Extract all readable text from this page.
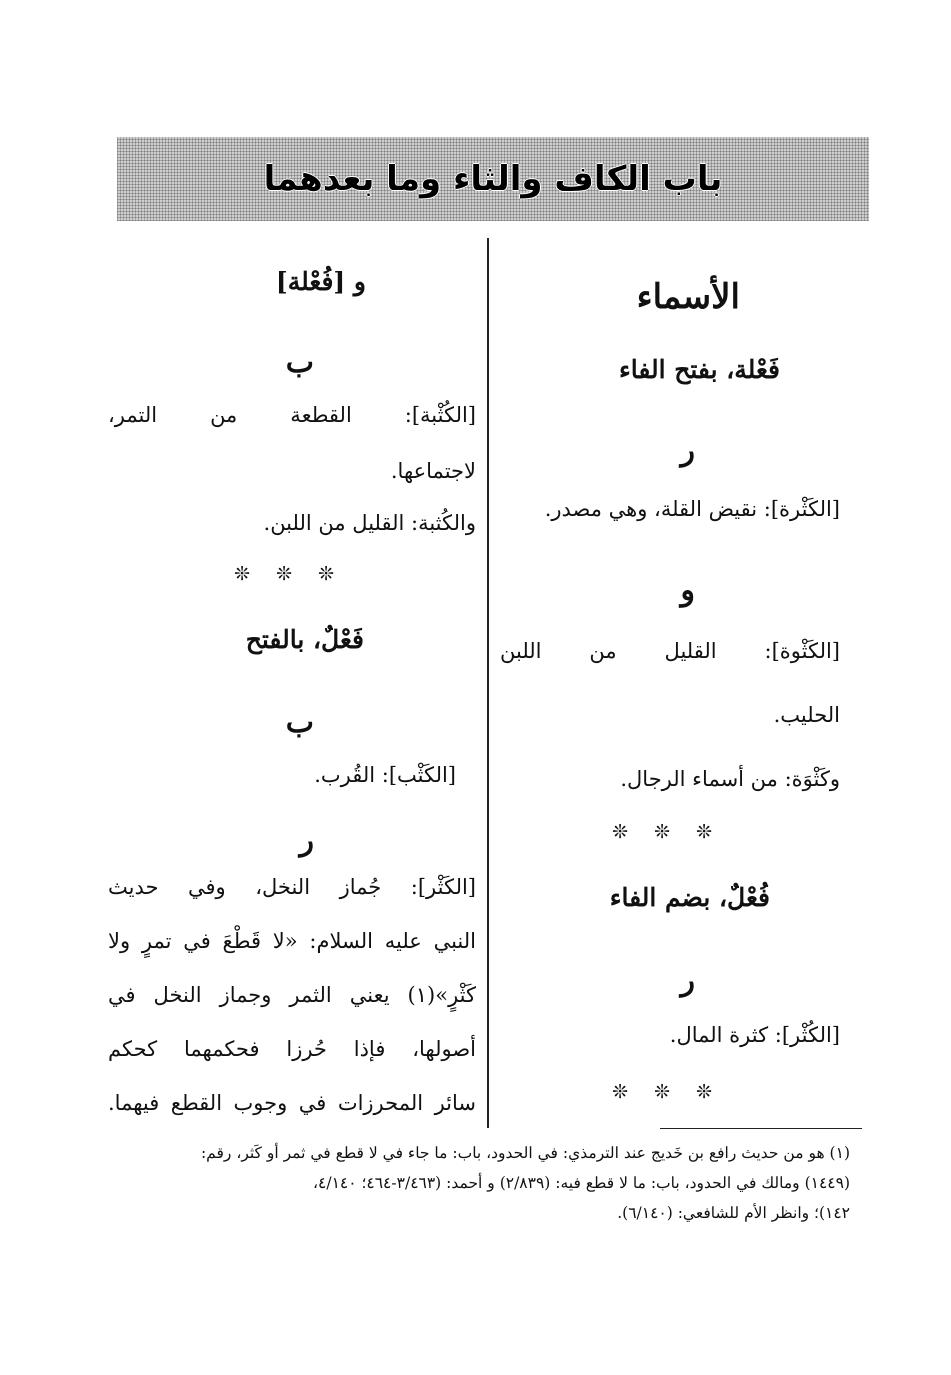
باب الكاف والثاء وما بعدهما
الأسماء
فَعْلة، بفتح الفاء
ر
[الكَثْرة]: نقيض القلة، وهي مصدر.
و
[الكَثْوة]: القليل من اللبن
الحليب.
وكَثْوَة: من أسماء الرجال.
❊ ❊ ❊
فُعْلٌ، بضم الفاء
ر
[الكُثْر]: كثرة المال.
❊ ❊ ❊
و [فُعْلة]
ب
[الكُثْبة]: القطعة من التمر،
لاجتماعها.
والكُثبة: القليل من اللبن.
❊ ❊ ❊
فَعْلٌ، بالفتح
ب
[الكَثْب]: القُرب.
ر
[الكَثْر]: جُماز النخل، وفي حديث
النبي عليه السلام: «لا قَطْعَ في تمرٍ ولا
كَثْرٍ»(١) يعني الثمر وجماز النخل في
أصولها، فإذا حُرزا فحكمهما كحكم
سائر المحرزات في وجوب القطع فيهما.
(١) هو من حديث رافع بن خَديج عند الترمذي: في الحدود، باب: ما جاء في لا قطع في ثمر أو كَثر، رقم:
(١٤٤٩) ومالك في الحدود، باب: ما لا قطع فيه: (٢/٨٣٩) و أحمد: (٣/٤٦٣-٤٦٤؛ ٤/١٤٠،
١٤٢)؛ وانظر الأم للشافعي: (٦/١٤٠).
